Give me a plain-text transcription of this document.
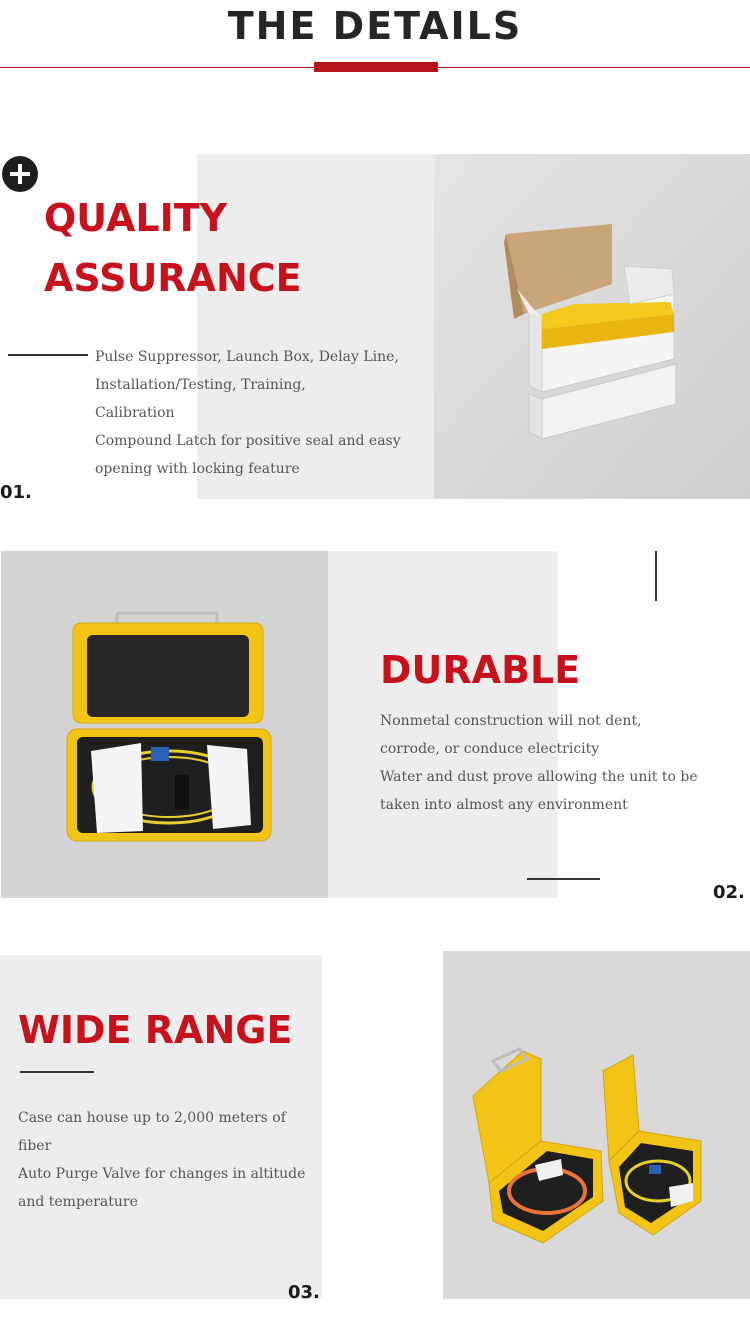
THE DETAILS
QUALITY
ASSURANCE
Pulse Suppressor, Launch Box, Delay Line,
Installation/Testing, Training,
Calibration
Compound Latch for positive seal and easy
opening with locking feature
01.
DURABLE
Nonmetal construction will not dent,
corrode, or conduce electricity
Water and dust prove allowing the unit to be
taken into almost any environment
02.
WIDE RANGE
Case can house up to 2,000 meters of
fiber
Auto Purge Valve for changes in altitude
and temperature
03.
